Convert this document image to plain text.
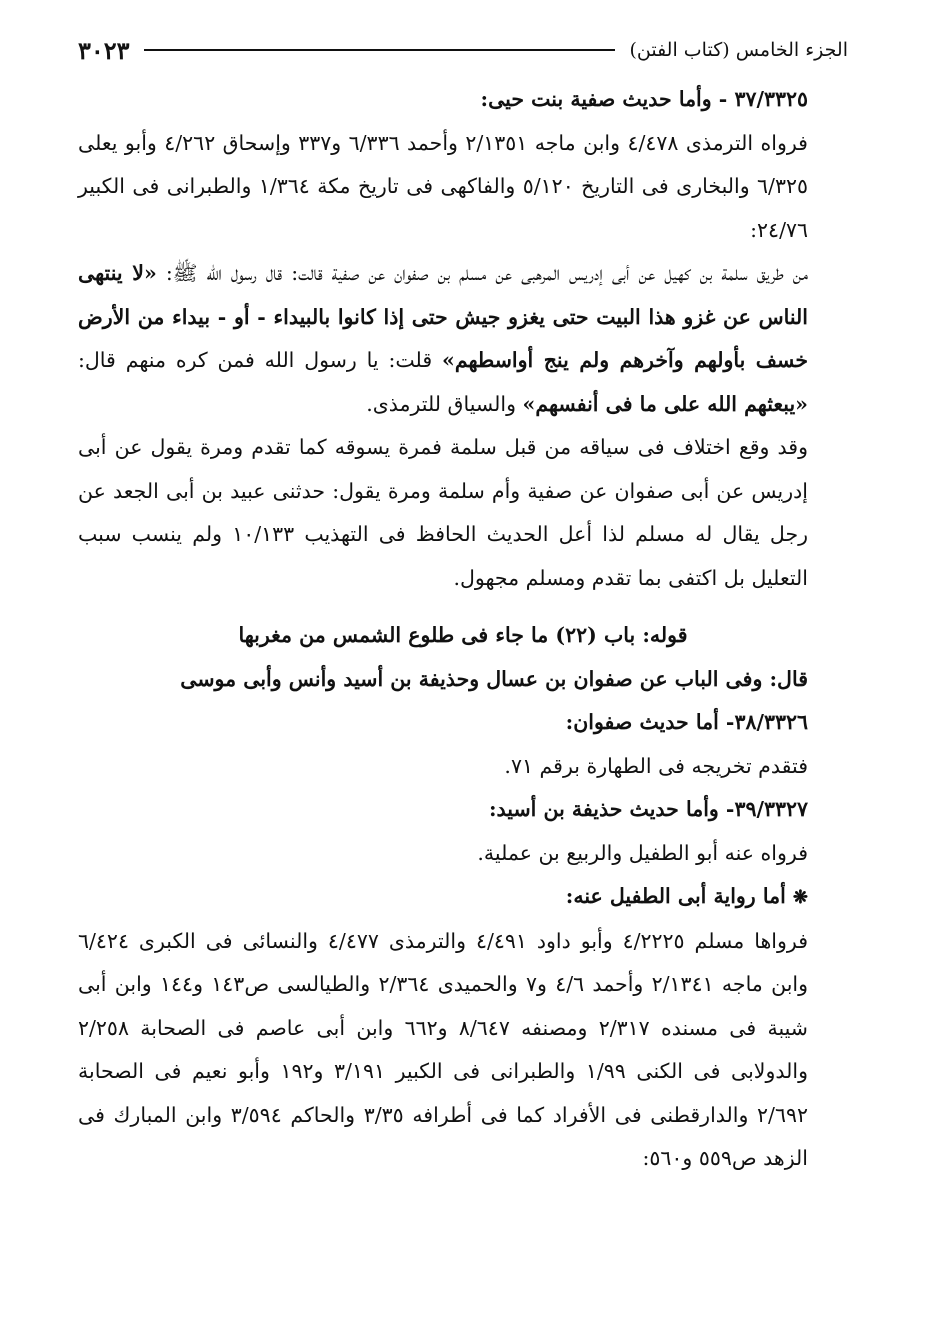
الجزء الخامس (كتاب الفتن)
٣٠٢٣

٣٧/٣٣٢٥ - وأما حديث صفية بنت حيى:

فرواه الترمذى ٤/٤٧٨ وابن ماجه ٢/١٣٥١ وأحمد ٦/٣٣٦ و٣٣٧ وإسحاق ٤/٢٦٢ وأبو يعلى ٦/٣٢٥ والبخارى فى التاريخ ٥/١٢٠ والفاكهى فى تاريخ مكة ١/٣٦٤ والطبرانى فى الكبير ٢٤/٧٦:

من طريق سلمة بن كهيل عن أبى إدريس المرهبى عن مسلم بن صفوان عن صفية قالت: قال رسول الله ﷺ: «لا ينتهى الناس عن غزو هذا البيت حتى يغزو جيش حتى إذا كانوا بالبيداء - أو - بيداء من الأرض خسف بأولهم وآخرهم ولم ينج أواسطهم» قلت: يا رسول الله فمن كره منهم قال: «يبعثهم الله على ما فى أنفسهم» والسياق للترمذى.

وقد وقع اختلاف فى سياقه من قبل سلمة فمرة يسوقه كما تقدم ومرة يقول عن أبى إدريس عن أبى صفوان عن صفية وأم سلمة ومرة يقول: حدثنى عبيد بن أبى الجعد عن رجل يقال له مسلم لذا أعل الحديث الحافظ فى التهذيب ١٠/١٣٣ ولم ينسب سبب التعليل بل اكتفى بما تقدم ومسلم مجهول.

قوله: باب (٢٢) ما جاء فى طلوع الشمس من مغربها

قال: وفى الباب عن صفوان بن عسال وحذيفة بن أسيد وأنس وأبى موسى

٣٨/٣٣٢٦- أما حديث صفوان:

فتقدم تخريجه فى الطهارة برقم ٧١.

٣٩/٣٣٢٧- وأما حديث حذيفة بن أسيد:

فرواه عنه أبو الطفيل والربيع بن عملية.

❋ أما رواية أبى الطفيل عنه:

فرواها مسلم ٤/٢٢٢٥ وأبو داود ٤/٤٩١ والترمذى ٤/٤٧٧ والنسائى فى الكبرى ٦/٤٢٤ وابن ماجه ٢/١٣٤١ وأحمد ٤/٦ و٧ والحميدى ٢/٣٦٤ والطيالسى ص١٤٣ و١٤٤ وابن أبى شيبة فى مسنده ٢/٣١٧ ومصنفه ٨/٦٤٧ و٦٦٢ وابن أبى عاصم فى الصحابة ٢/٢٥٨ والدولابى فى الكنى ١/٩٩ والطبرانى فى الكبير ٣/١٩١ و١٩٢ وأبو نعيم فى الصحابة ٢/٦٩٢ والدارقطنى فى الأفراد كما فى أطرافه ٣/٣٥ والحاكم ٣/٥٩٤ وابن المبارك فى الزهد ص٥٥٩ و٥٦٠:
